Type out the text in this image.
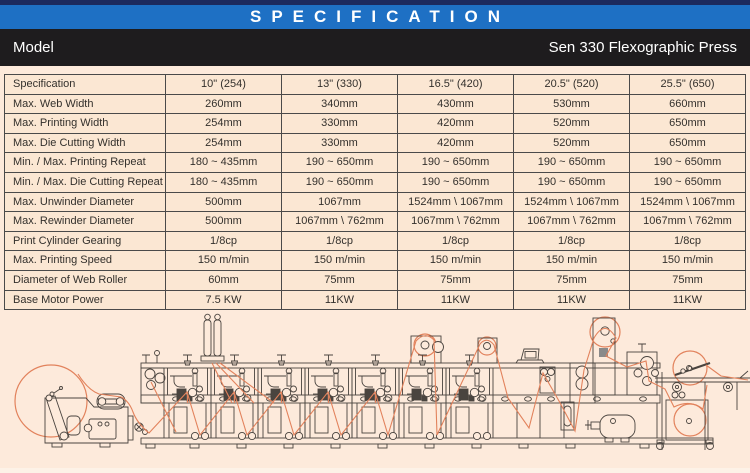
SPECIFICATION
Model	Sen 330 Flexographic Press
Specification	10" (254)	13" (330)	16.5" (420)	20.5" (520)	25.5" (650)
Max. Web Width	260mm	340mm	430mm	530mm	660mm
Max. Printing Width	254mm	330mm	420mm	520mm	650mm
Max. Die Cutting Width	254mm	330mm	420mm	520mm	650mm
Min. / Max. Printing Repeat	180 ~ 435mm	190 ~ 650mm	190 ~ 650mm	190 ~ 650mm	190 ~ 650mm
Min. / Max. Die Cutting Repeat	180 ~ 435mm	190 ~ 650mm	190 ~ 650mm	190 ~ 650mm	190 ~ 650mm
Max. Unwinder Diameter	500mm	1067mm	1524mm \ 1067mm	1524mm \ 1067mm	1524mm \ 1067mm
Max. Rewinder Diameter	500mm	1067mm \ 762mm	1067mm \ 762mm	1067mm \ 762mm	1067mm \ 762mm
Print Cylinder Gearing	1/8cp	1/8cp	1/8cp	1/8cp	1/8cp
Max. Printing Speed	150 m/min	150 m/min	150 m/min	150 m/min	150 m/min
Diameter of Web Roller	60mm	75mm	75mm	75mm	75mm
Base Motor Power	7.5 KW	11KW	11KW	11KW	11KW
